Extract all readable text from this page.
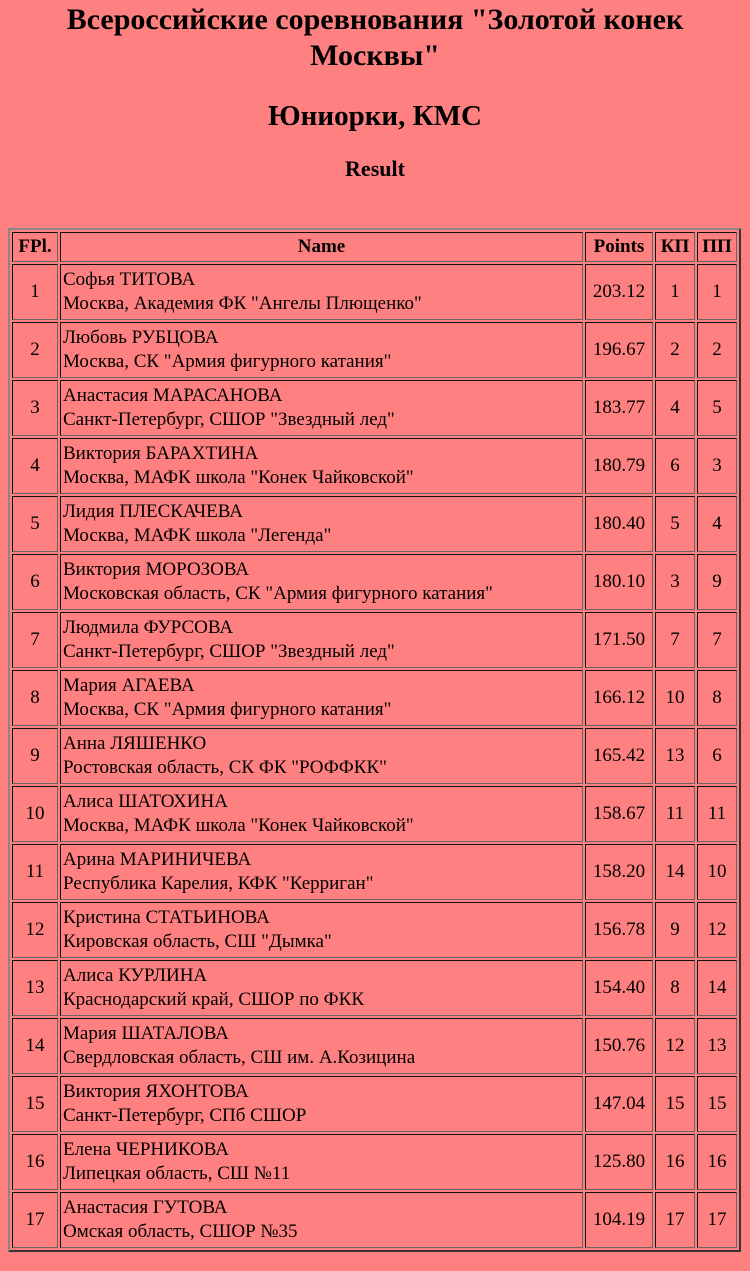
Всероссийские соревнования "Золотой конек
Москвы"
Юниорки, КМС
Result
FPl.	Name	Points	КП	ПП
1	Софья ТИТОВА
Москва, Академия ФК "Ангелы Плющенко"	203.12	1	1
2	Любовь РУБЦОВА
Москва, СК "Армия фигурного катания"	196.67	2	2
3	Анастасия МАРАСАНОВА
Санкт-Петербург, СШОР "Звездный лед"	183.77	4	5
4	Виктория БАРАХТИНА
Москва, МАФК школа "Конек Чайковской"	180.79	6	3
5	Лидия ПЛЕСКАЧЕВА
Москва, МАФК школа "Легенда"	180.40	5	4
6	Виктория МОРОЗОВА
Московская область, СК "Армия фигурного катания"	180.10	3	9
7	Людмила ФУРСОВА
Санкт-Петербург, СШОР "Звездный лед"	171.50	7	7
8	Мария АГАЕВА
Москва, СК "Армия фигурного катания"	166.12	10	8
9	Анна ЛЯШЕНКО
Ростовская область, СК ФК "РОФФКК"	165.42	13	6
10	Алиса ШАТОХИНА
Москва, МАФК школа "Конек Чайковской"	158.67	11	11
11	Арина МАРИНИЧЕВА
Республика Карелия, КФК "Керриган"	158.20	14	10
12	Кристина СТАТЬИНОВА
Кировская область, СШ "Дымка"	156.78	9	12
13	Алиса КУРЛИНА
Краснодарский край, СШОР по ФКК	154.40	8	14
14	Мария ШАТАЛОВА
Свердловская область, СШ им. А.Козицина	150.76	12	13
15	Виктория ЯХОНТОВА
Санкт-Петербург, СПб СШОР	147.04	15	15
16	Елена ЧЕРНИКОВА
Липецкая область, СШ №11	125.80	16	16
17	Анастасия ГУТОВА
Омская область, СШОР №35	104.19	17	17
